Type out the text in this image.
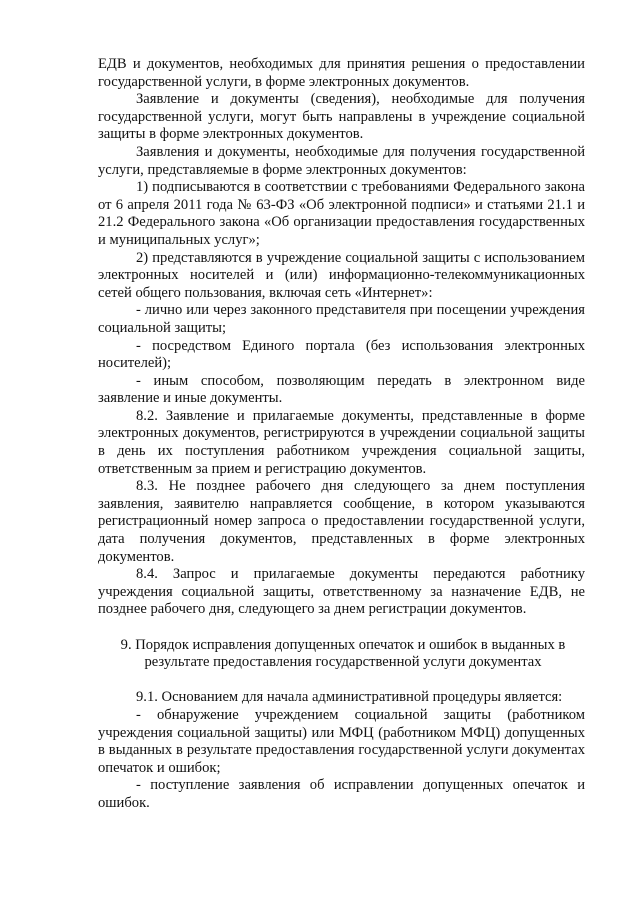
ЕДВ и документов, необходимых для принятия решения о предоставлении государственной услуги, в форме электронных документов.

Заявление и документы (сведения), необходимые для получения государственной услуги, могут быть направлены в учреждение социальной защиты в форме электронных документов.

Заявления и документы, необходимые для получения государственной услуги, представляемые в форме электронных документов:

1) подписываются в соответствии с требованиями Федерального закона от 6 апреля 2011 года № 63-ФЗ «Об электронной подписи» и статьями 21.1 и 21.2 Федерального закона «Об организации предоставления государственных и муниципальных услуг»;

2) представляются в учреждение социальной защиты с использованием электронных носителей и (или) информационно-телекоммуникационных сетей общего пользования, включая сеть «Интернет»:

- лично или через законного представителя при посещении учреждения социальной защиты;

- посредством Единого портала (без использования электронных носителей);

- иным способом, позволяющим передать в электронном виде заявление и иные документы.

8.2. Заявление и прилагаемые документы, представленные в форме электронных документов, регистрируются в учреждении социальной защиты в день их поступления работником учреждения социальной защиты, ответственным за прием и регистрацию документов.

8.3. Не позднее рабочего дня следующего за днем поступления заявления, заявителю направляется сообщение, в котором указываются регистрационный номер запроса о предоставлении государственной услуги, дата получения документов, представленных в форме электронных документов.

8.4. Запрос и прилагаемые документы передаются работнику учреждения социальной защиты, ответственному за назначение ЕДВ, не позднее рабочего дня, следующего за днем регистрации документов.

9. Порядок исправления допущенных опечаток и ошибок в выданных в результате предоставления государственной услуги документах

9.1. Основанием для начала административной процедуры является:

- обнаружение учреждением социальной защиты (работником учреждения социальной защиты) или МФЦ (работником МФЦ) допущенных в выданных в результате предоставления государственной услуги документах опечаток и ошибок;

- поступление заявления об исправлении допущенных опечаток и ошибок.
